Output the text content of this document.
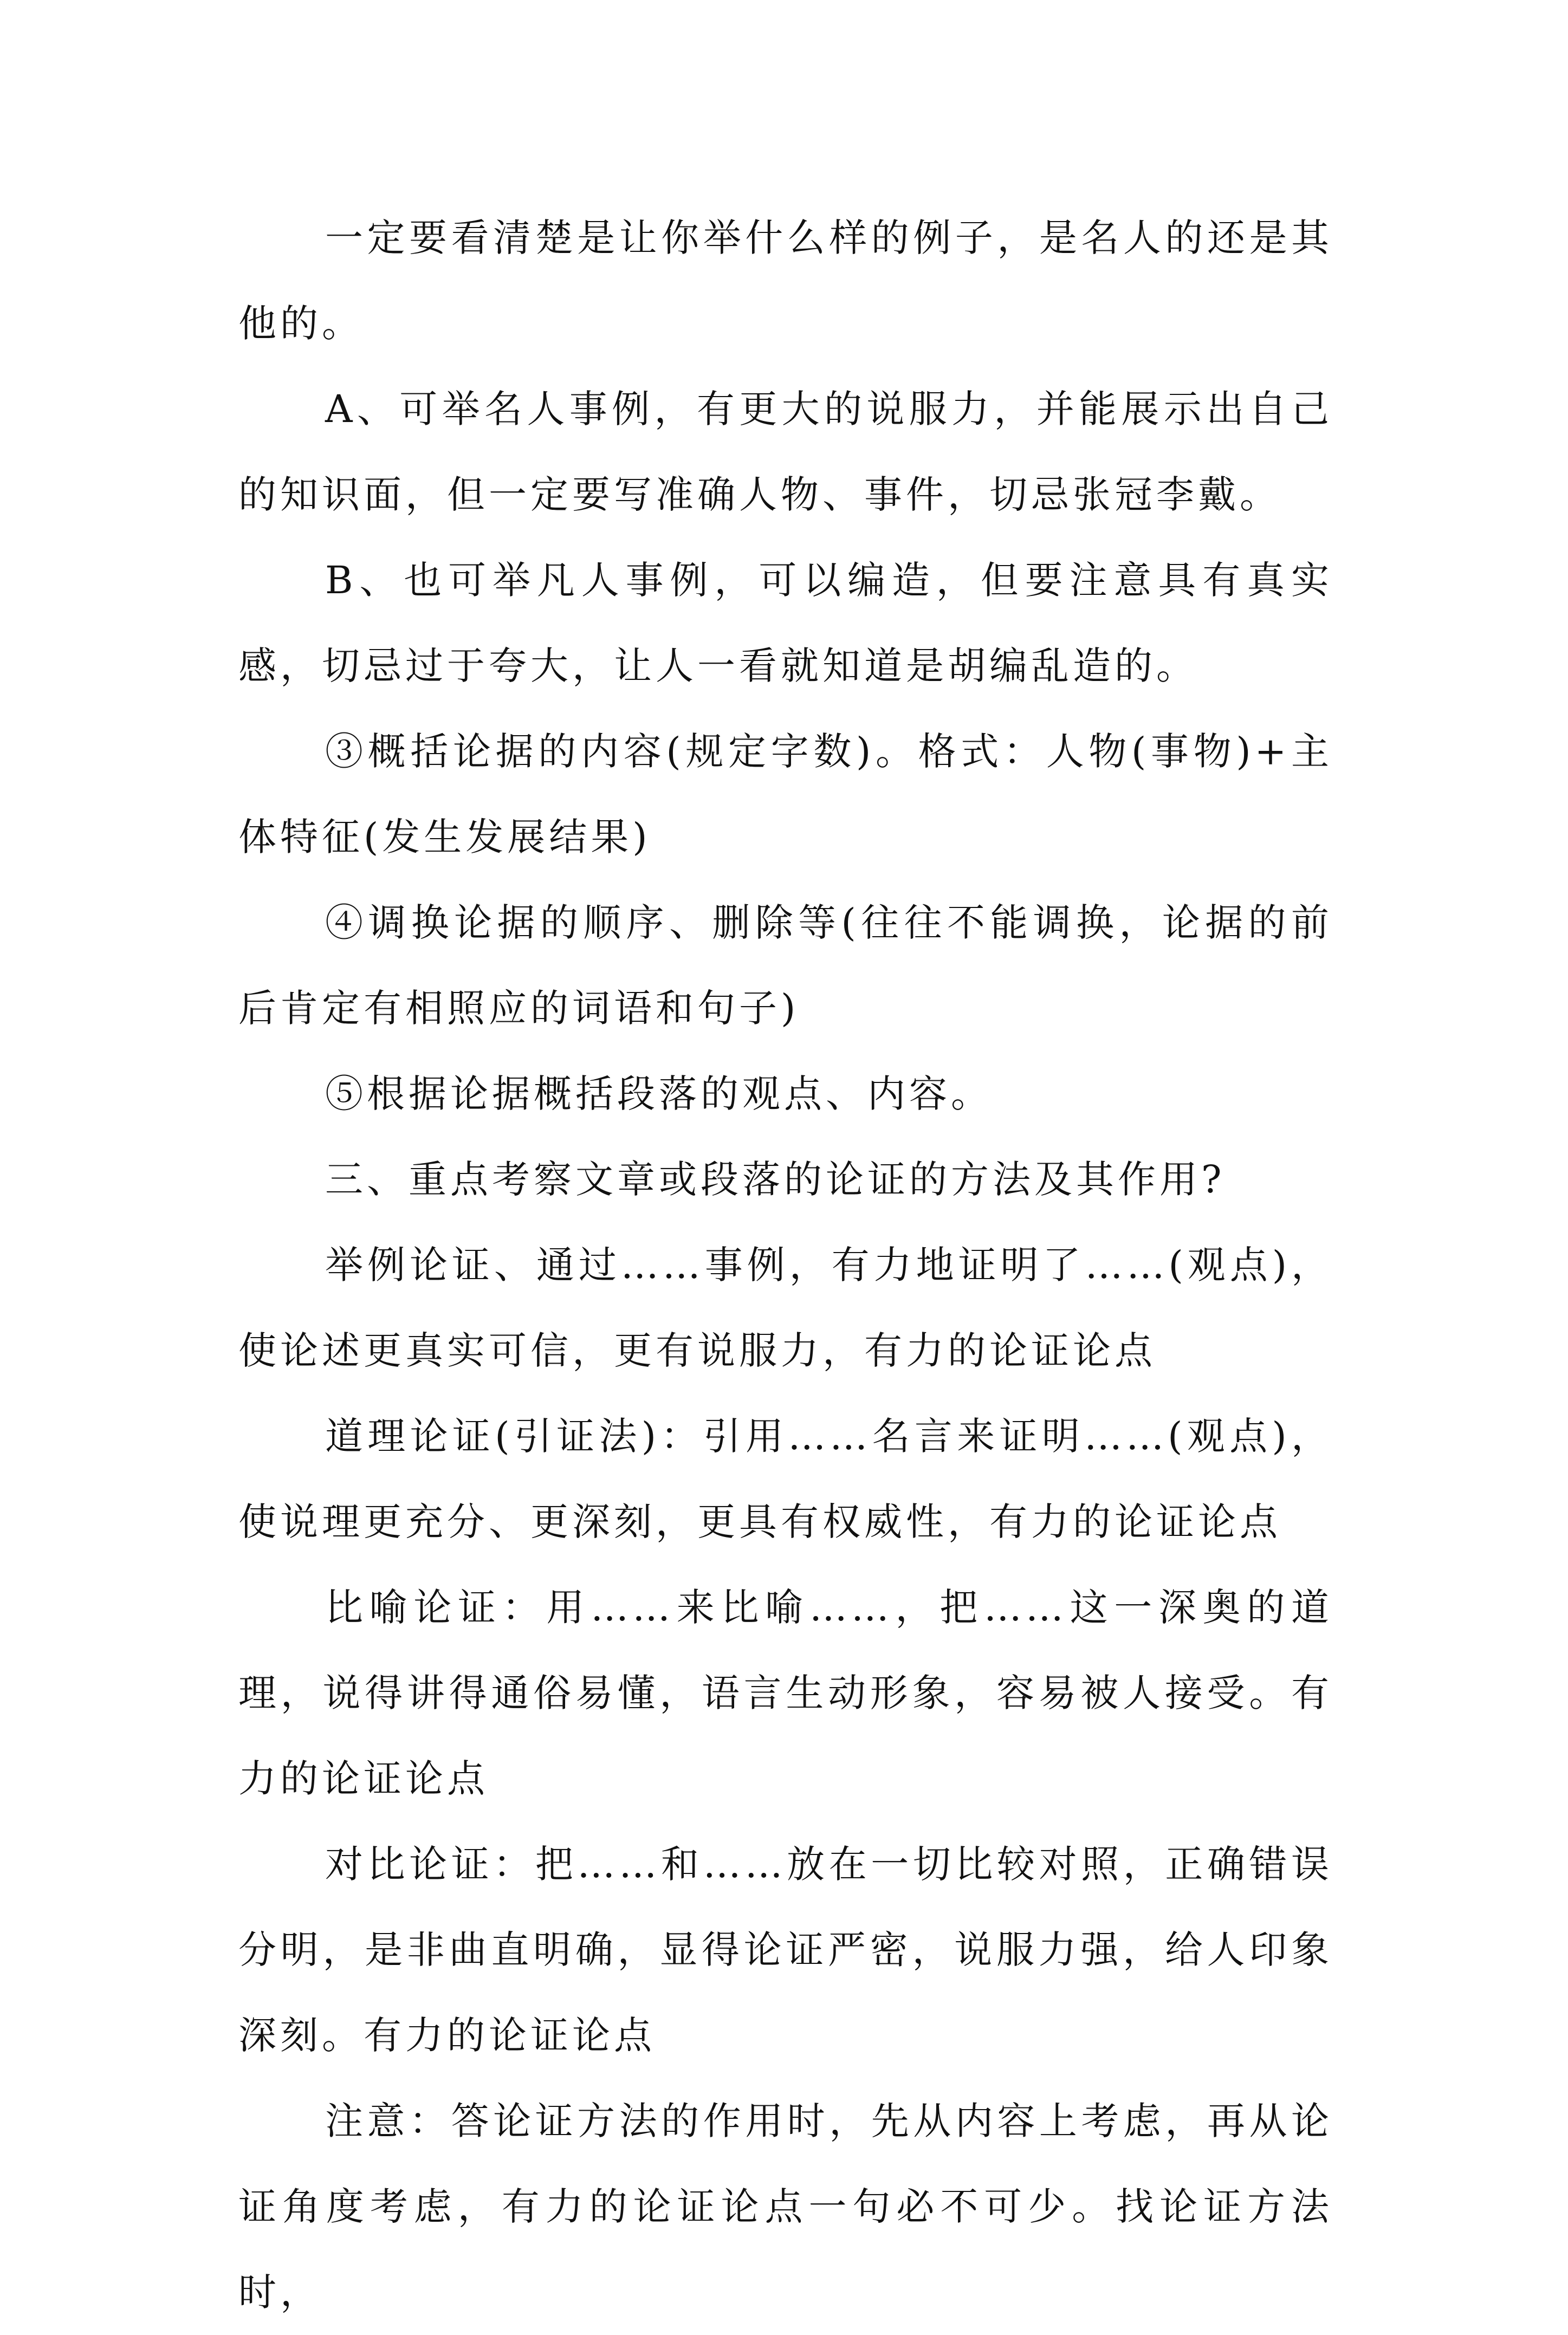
一定要看清楚是让你举什么样的例子，是名人的还是其他的。

A、可举名人事例，有更大的说服力，并能展示出自己的知识面，但一定要写准确人物、事件，切忌张冠李戴。

B、也可举凡人事例，可以编造，但要注意具有真实感，切忌过于夸大，让人一看就知道是胡编乱造的。

③概括论据的内容(规定字数)。格式：人物(事物)+主体特征(发生发展结果)

④调换论据的顺序、删除等(往往不能调换，论据的前后肯定有相照应的词语和句子)

⑤根据论据概括段落的观点、内容。

三、重点考察文章或段落的论证的方法及其作用?

举例论证、通过……事例，有力地证明了……(观点)，使论述更真实可信，更有说服力，有力的论证论点

道理论证(引证法)：引用……名言来证明……(观点)，使说理更充分、更深刻，更具有权威性，有力的论证论点

比喻论证：用……来比喻……，把……这一深奥的道理，说得讲得通俗易懂，语言生动形象，容易被人接受。有力的论证论点

对比论证：把……和……放在一切比较对照，正确错误分明，是非曲直明确，显得论证严密，说服力强，给人印象深刻。有力的论证论点

注意：答论证方法的作用时，先从内容上考虑，再从论证角度考虑，有力的论证论点一句必不可少。找论证方法时，
